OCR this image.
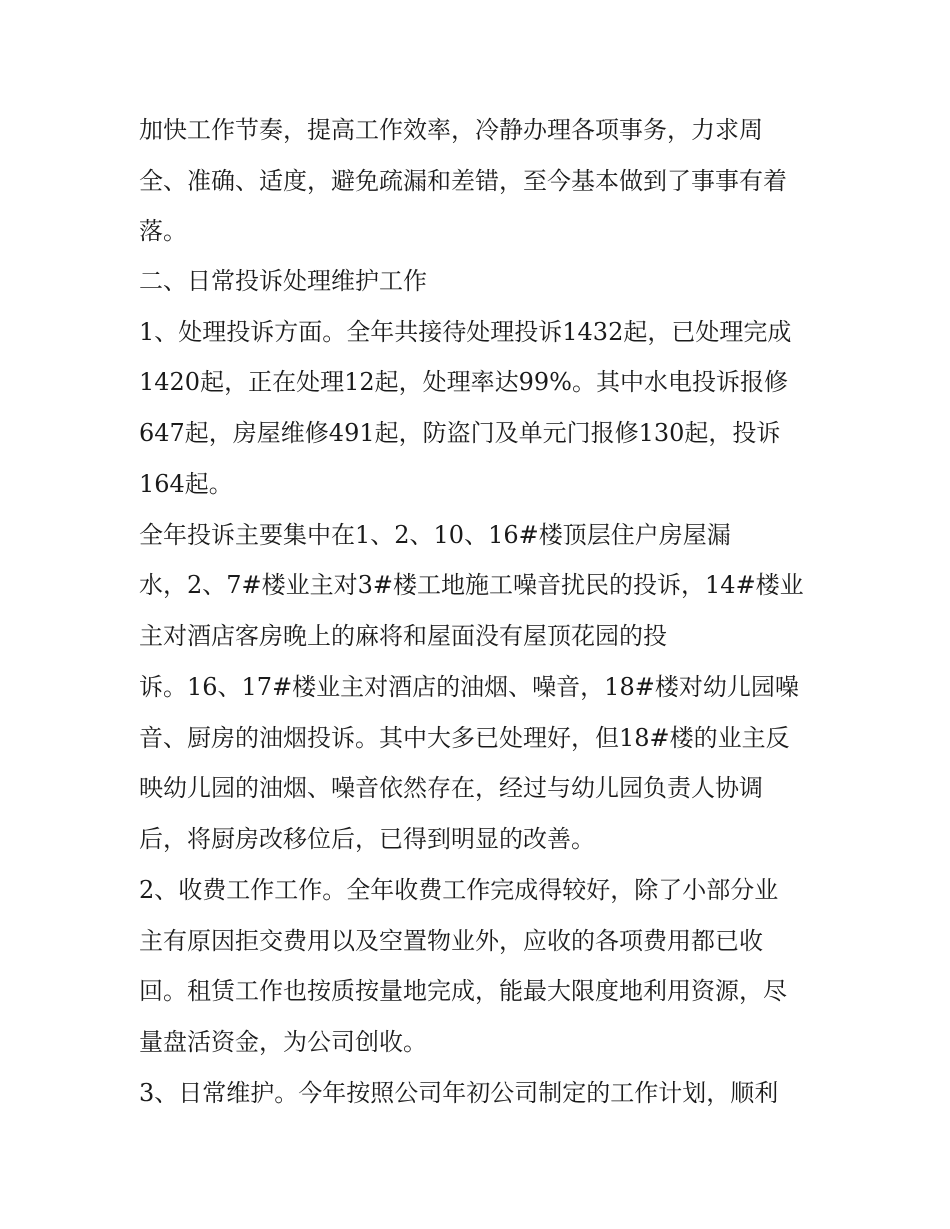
加快工作节奏，提高工作效率，冷静办理各项事务，力求周
全、准确、适度，避免疏漏和差错，至今基本做到了事事有着
落。
二、日常投诉处理维护工作
1、处理投诉方面。全年共接待处理投诉1432起，已处理完成
1420起，正在处理12起，处理率达99%。其中水电投诉报修
647起，房屋维修491起，防盗门及单元门报修130起，投诉
164起。
全年投诉主要集中在1、2、10、16#楼顶层住户房屋漏
水，2、7#楼业主对3#楼工地施工噪音扰民的投诉，14#楼业
主对酒店客房晚上的麻将和屋面没有屋顶花园的投
诉。16、17#楼业主对酒店的油烟、噪音，18#楼对幼儿园噪
音、厨房的油烟投诉。其中大多已处理好，但18#楼的业主反
映幼儿园的油烟、噪音依然存在，经过与幼儿园负责人协调
后，将厨房改移位后，已得到明显的改善。
2、收费工作工作。全年收费工作完成得较好，除了小部分业
主有原因拒交费用以及空置物业外，应收的各项费用都已收
回。租赁工作也按质按量地完成，能最大限度地利用资源，尽
量盘活资金，为公司创收。
3、日常维护。今年按照公司年初公司制定的工作计划，顺利
